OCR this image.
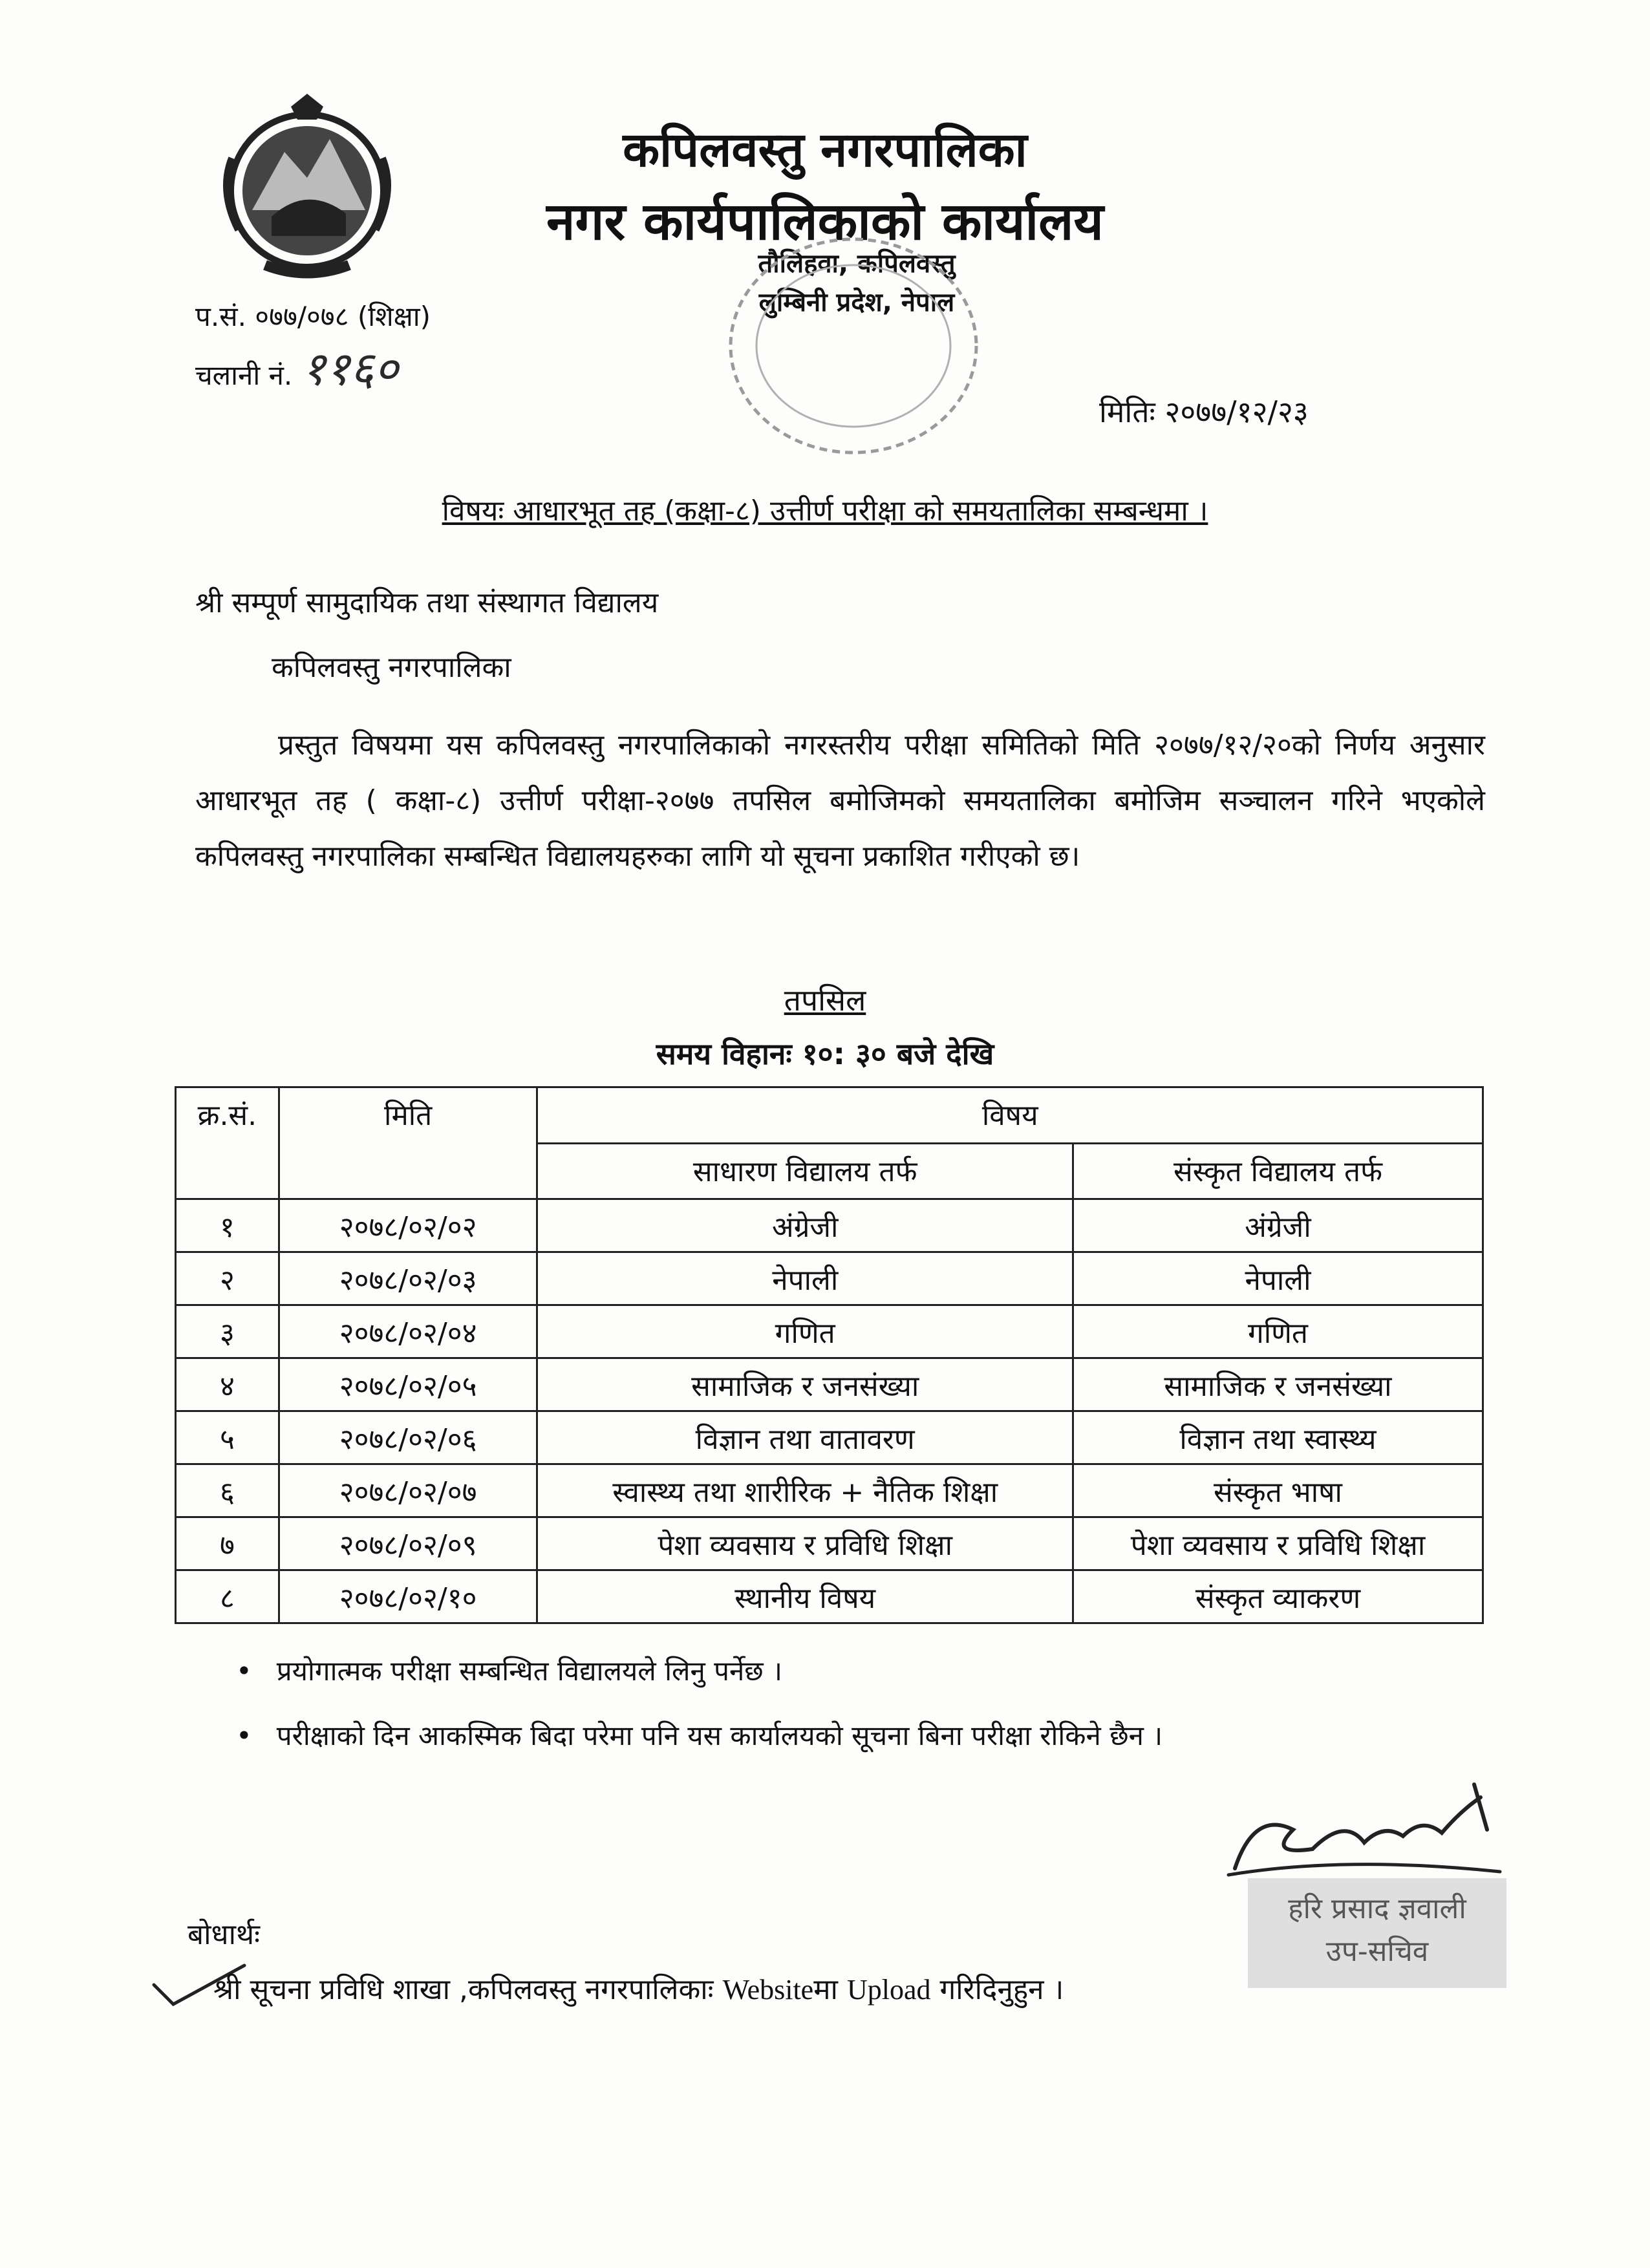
कपिलवस्तु नगरपालिका
नगर कार्यपालिकाको कार्यालय
तौलिहवा, कपिलवस्तु
लुम्बिनी प्रदेश, नेपाल
प.सं. ०७७/०७८ (शिक्षा)
चलानी नं. ११६०
मितिः २०७७/१२/२३
विषयः आधारभूत तह (कक्षा-८) उत्तीर्ण परीक्षा को समयतालिका सम्बन्धमा ।
श्री सम्पूर्ण सामुदायिक तथा संस्थागत विद्यालय
कपिलवस्तु नगरपालिका
प्रस्तुत विषयमा यस कपिलवस्तु नगरपालिकाको नगरस्तरीय परीक्षा समितिको मिति २०७७/१२/२०को निर्णय अनुसार आधारभूत तह ( कक्षा-८) उत्तीर्ण परीक्षा-२०७७ तपसिल बमोजिमको समयतालिका बमोजिम सञ्चालन गरिने भएकोले कपिलवस्तु नगरपालिका सम्बन्धित विद्यालयहरुका लागि यो सूचना प्रकाशित गरीएको छ।
तपसिल
समय विहानः १०: ३० बजे देखि
क्र.सं.	मिति	विषय	
		साधारण विद्यालय तर्फ	संस्कृत विद्यालय तर्फ
१	२०७८/०२/०२	अंग्रेजी	अंग्रेजी
२	२०७८/०२/०३	नेपाली	नेपाली
३	२०७८/०२/०४	गणित	गणित
४	२०७८/०२/०५	सामाजिक र जनसंख्या	सामाजिक र जनसंख्या
५	२०७८/०२/०६	विज्ञान तथा वातावरण	विज्ञान तथा स्वास्थ्य
६	२०७८/०२/०७	स्वास्थ्य तथा शारीरिक + नैतिक शिक्षा	संस्कृत भाषा
७	२०७८/०२/०९	पेशा व्यवसाय र प्रविधि शिक्षा	पेशा व्यवसाय र प्रविधि शिक्षा
८	२०७८/०२/१०	स्थानीय विषय	संस्कृत व्याकरण
• प्रयोगात्मक परीक्षा सम्बन्धित विद्यालयले लिनु पर्नेछ ।
• परीक्षाको दिन आकस्मिक बिदा परेमा पनि यस कार्यालयको सूचना बिना परीक्षा रोकिने छैन ।
हरि प्रसाद ज्ञवाली
उप-सचिव
बोधार्थः
श्री सूचना प्रविधि शाखा ,कपिलवस्तु नगरपालिकाः Websiteमा Upload गरिदिनुहुन ।
